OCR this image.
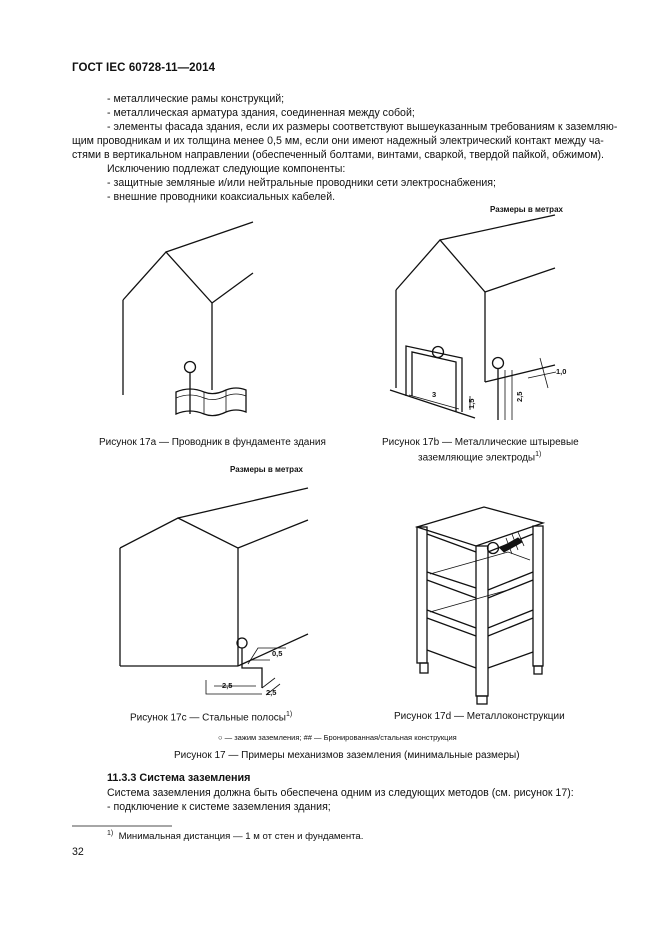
ГОСТ IEC 60728-11—2014
- металлические рамы конструкций;
- металлическая арматура здания, соединенная между собой;
- элементы фасада здания, если их размеры соответствуют вышеуказанным требованиям к заземляю-
щим проводникам и их толщина менее 0,5 мм, если они имеют надежный электрический контакт между ча-
стями в вертикальном направлении (обеспеченный болтами, винтами, сваркой, твердой пайкой, обжимом).
Исключению подлежат следующие компоненты:
- защитные земляные и/или нейтральные проводники сети электроснабжения;
- внешние проводники коаксиальных кабелей.
3
1,5
2,5
1,0
2,5
2,5
0,5
Размеры в метрах
Размеры в метрах
Рисунок 17а — Проводник в фундаменте здания	Рисунок 17b — Металлические штыревые
заземляющие электроды$^{1)}$
Рисунок 17с — Стальные полосы$^{1)}$	Рисунок 17d — Металлоконструкции
○ — зажим заземления; ## — Бронированная/стальная конструкция
Рисунок 17 — Примеры механизмов заземления (минимальные размеры)
11.3.3 Система заземления
Система заземления должна быть обеспечена одним из следующих методов (см. рисунок 17):
- подключение к системе заземления здания;
$^{1)}$ Минимальная дистанция — 1 м от стен и фундамента.
32
